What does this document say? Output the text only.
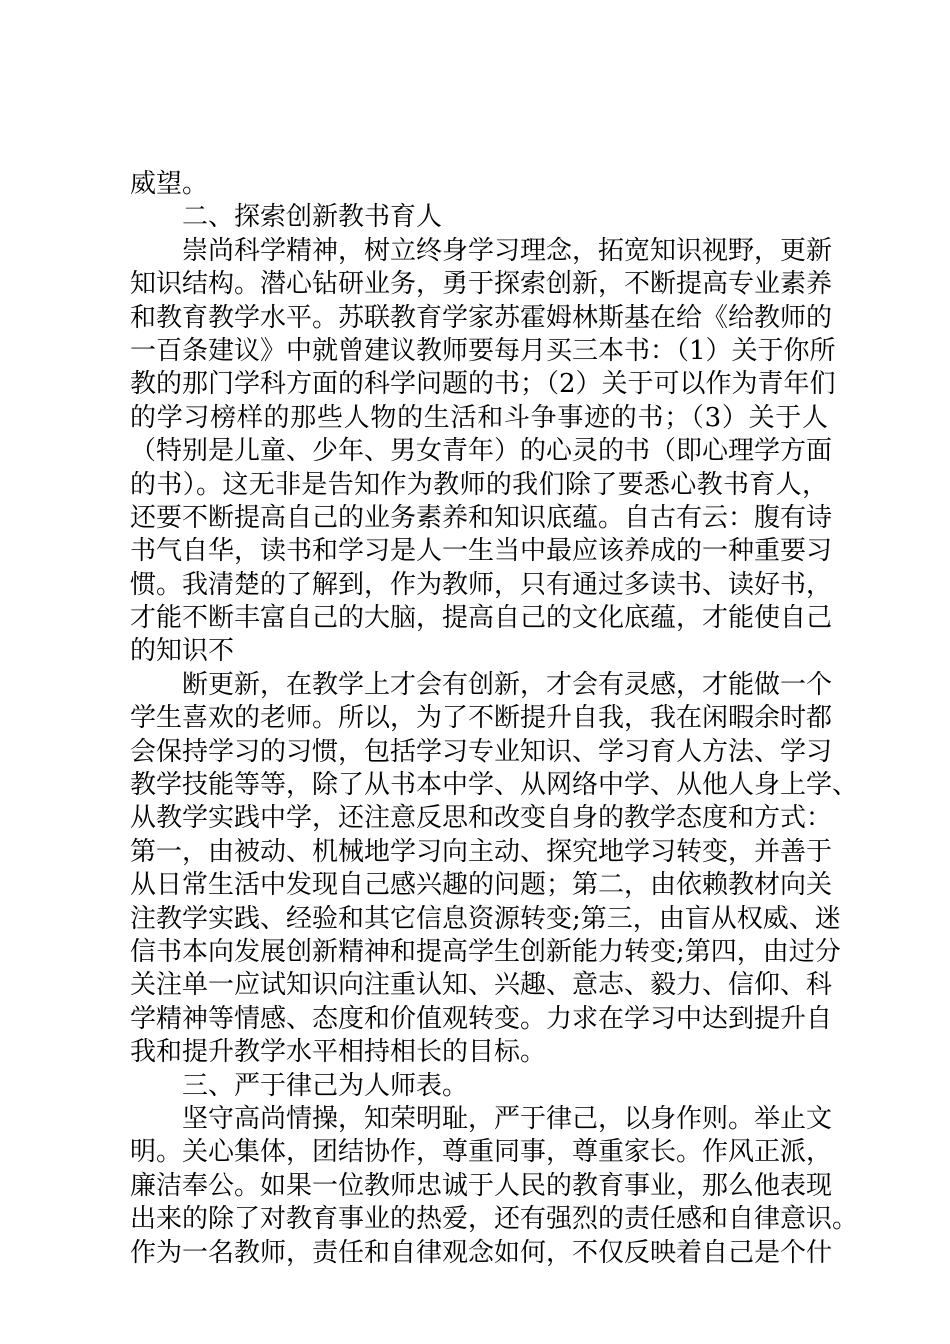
威望。
二、探索创新教书育人
崇尚科学精神，树立终身学习理念，拓宽知识视野，更新
知识结构。潜心钻研业务，勇于探索创新，不断提高专业素养
和教育教学水平。苏联教育学家苏霍姆林斯基在给《给教师的
一百条建议》中就曾建议教师要每月买三本书：（1）关于你所
教的那门学科方面的科学问题的书；（2）关于可以作为青年们
的学习榜样的那些人物的生活和斗争事迹的书；（3）关于人
（特别是儿童、少年、男女青年）的心灵的书（即心理学方面
的书）。这无非是告知作为教师的我们除了要悉心教书育人，
还要不断提高自己的业务素养和知识底蕴。自古有云：腹有诗
书气自华，读书和学习是人一生当中最应该养成的一种重要习
惯。我清楚的了解到，作为教师，只有通过多读书、读好书，
才能不断丰富自己的大脑，提高自己的文化底蕴，才能使自己
的知识不
断更新，在教学上才会有创新，才会有灵感，才能做一个
学生喜欢的老师。所以，为了不断提升自我，我在闲暇余时都
会保持学习的习惯，包括学习专业知识、学习育人方法、学习
教学技能等等，除了从书本中学、从网络中学、从他人身上学、
从教学实践中学，还注意反思和改变自身的教学态度和方式：
第一，由被动、机械地学习向主动、探究地学习转变，并善于
从日常生活中发现自己感兴趣的问题；第二，由依赖教材向关
注教学实践、经验和其它信息资源转变;第三，由盲从权威、迷
信书本向发展创新精神和提高学生创新能力转变;第四，由过分
关注单一应试知识向注重认知、兴趣、意志、毅力、信仰、科
学精神等情感、态度和价值观转变。力求在学习中达到提升自
我和提升教学水平相持相长的目标。
三、严于律己为人师表。
坚守高尚情操，知荣明耻，严于律己，以身作则。举止文
明。关心集体，团结协作，尊重同事，尊重家长。作风正派，
廉洁奉公。如果一位教师忠诚于人民的教育事业，那么他表现
出来的除了对教育事业的热爱，还有强烈的责任感和自律意识。
作为一名教师，责任和自律观念如何，不仅反映着自己是个什
